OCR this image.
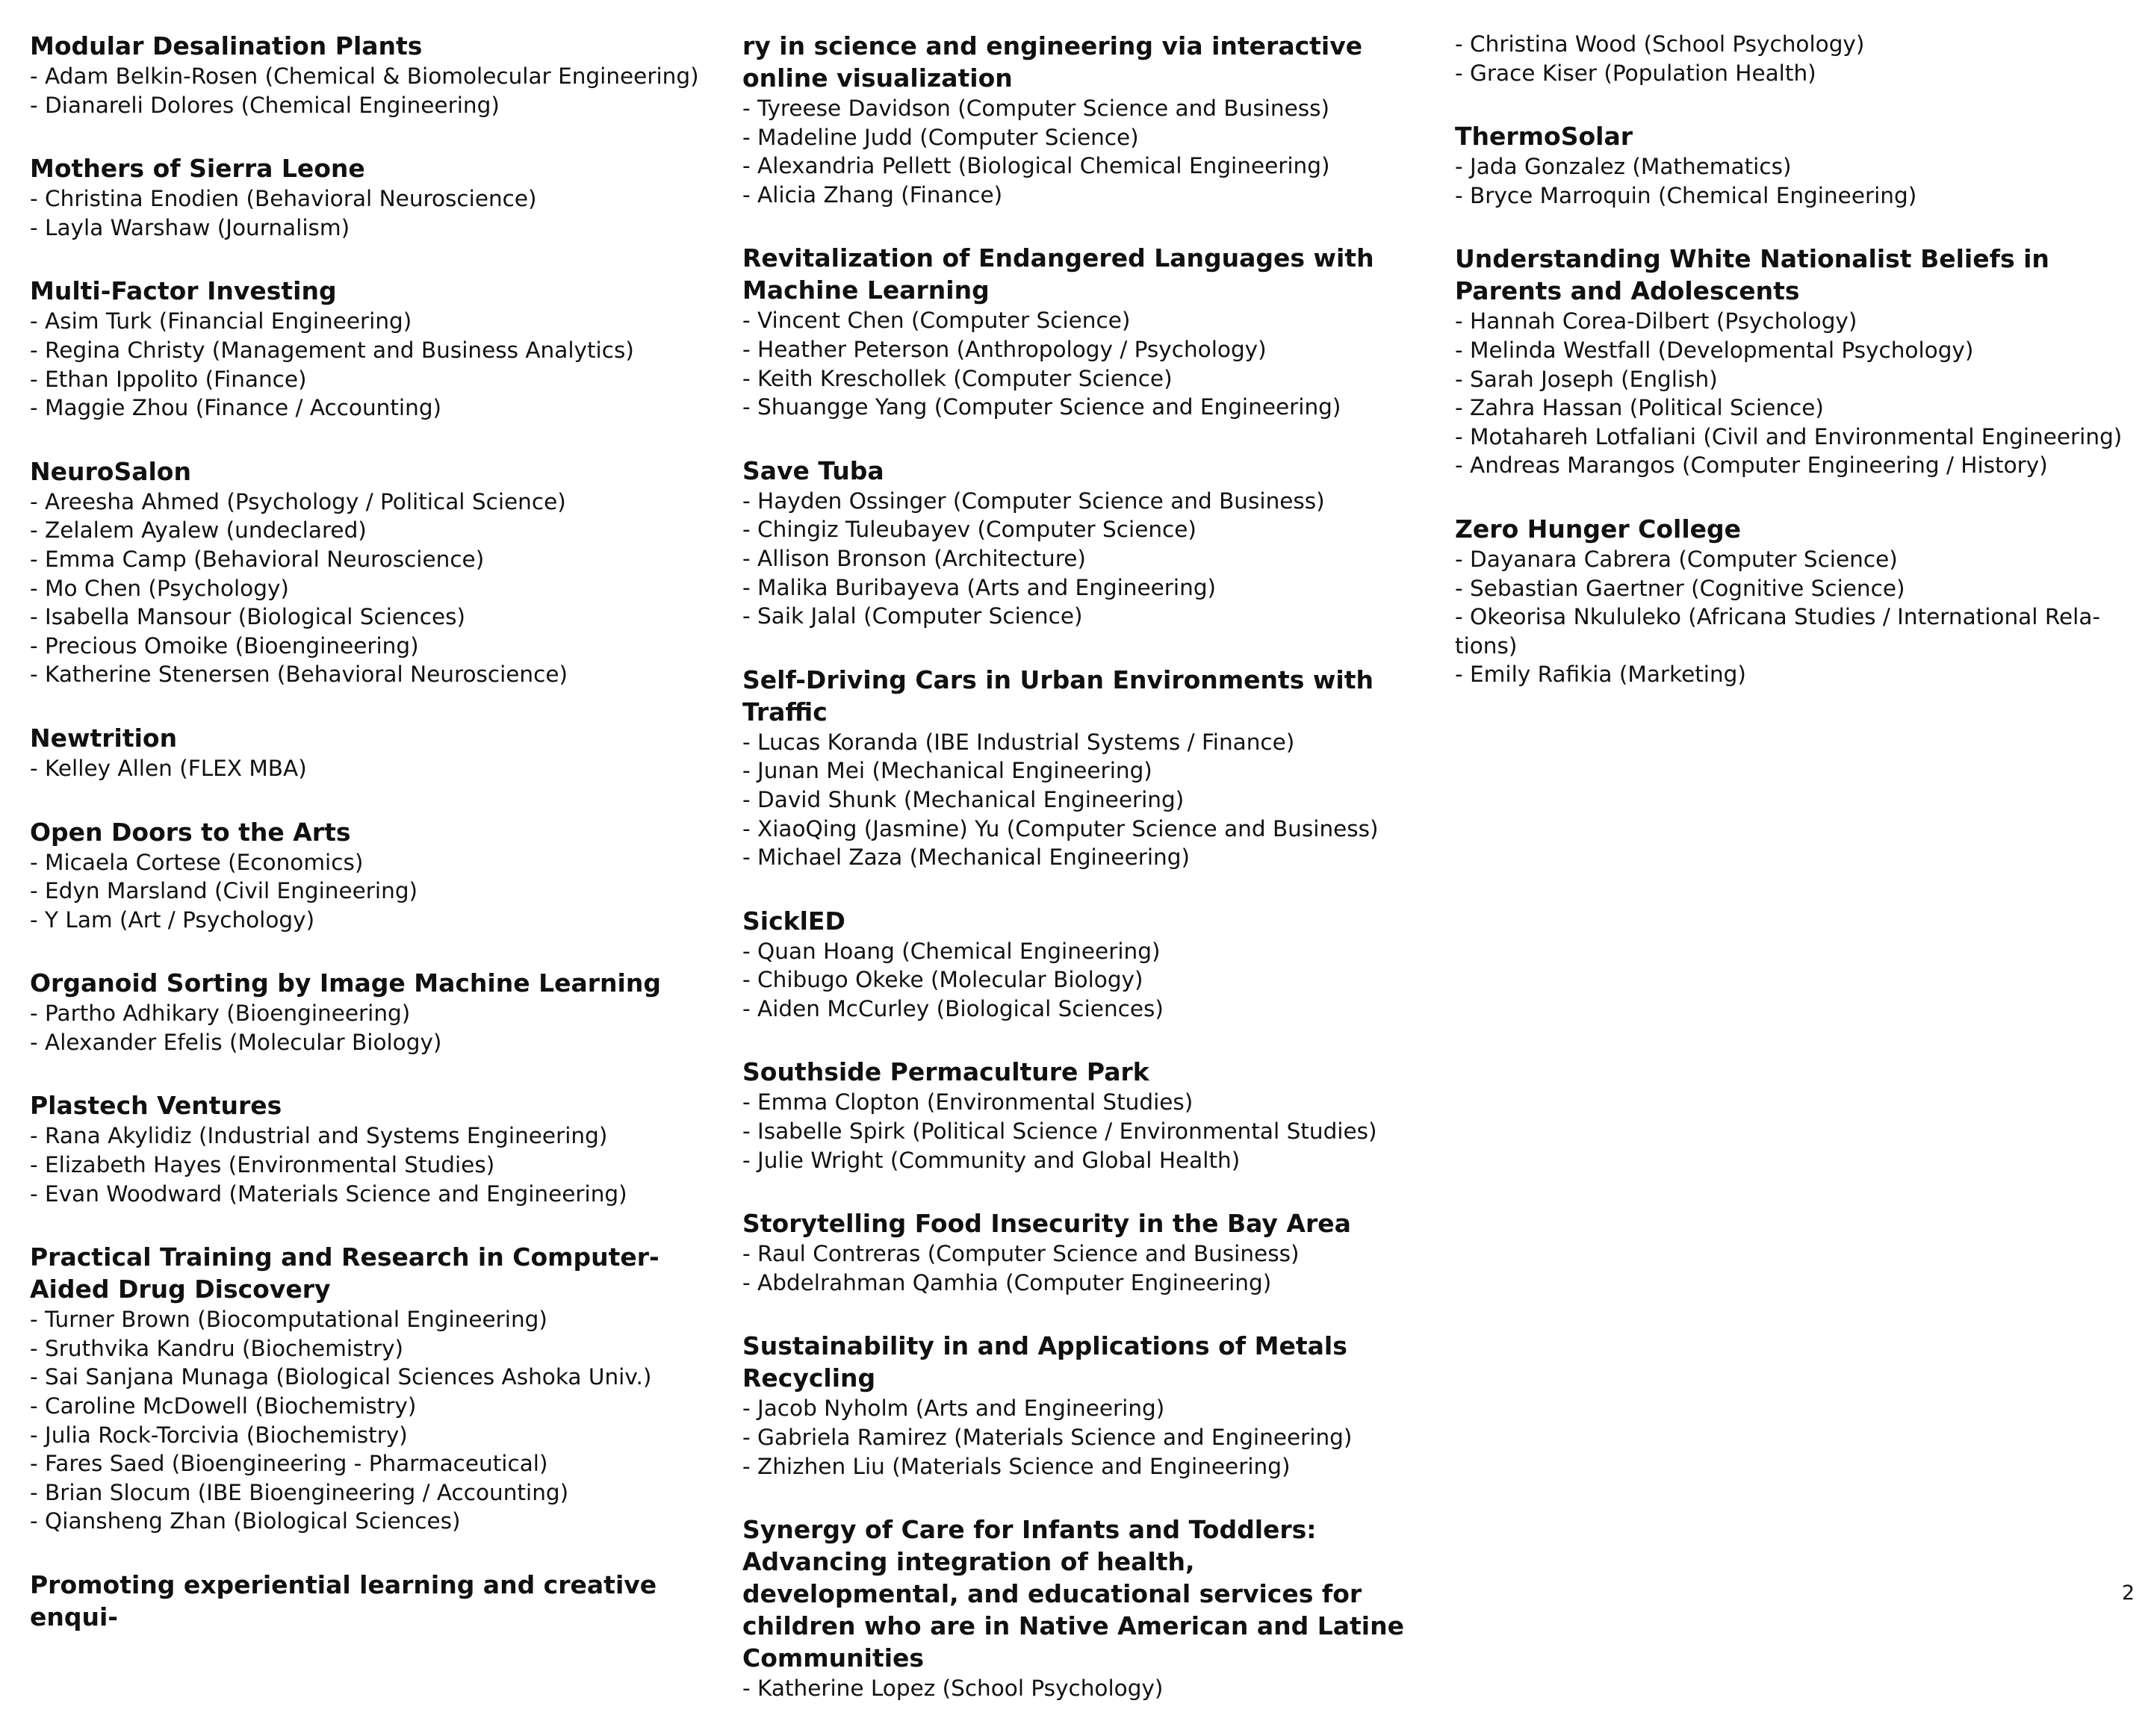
Modular Desalination Plants
- Adam Belkin-Rosen (Chemical & Biomolecular Engineering)
- Dianareli Dolores (Chemical Engineering)
Mothers of Sierra Leone
- Christina Enodien (Behavioral Neuroscience)
- Layla Warshaw (Journalism)
Multi-Factor Investing
- Asim Turk (Financial Engineering)
- Regina Christy (Management and Business Analytics)
- Ethan Ippolito (Finance)
- Maggie Zhou (Finance / Accounting)
NeuroSalon
- Areesha Ahmed (Psychology / Political Science)
- Zelalem Ayalew (undeclared)
- Emma Camp (Behavioral Neuroscience)
- Mo Chen (Psychology)
- Isabella Mansour (Biological Sciences)
- Precious Omoike (Bioengineering)
- Katherine Stenersen (Behavioral Neuroscience)
Newtrition
- Kelley Allen (FLEX MBA)
Open Doors to the Arts
- Micaela Cortese (Economics)
- Edyn Marsland (Civil Engineering)
- Y Lam (Art / Psychology)
Organoid Sorting by Image Machine Learning
- Partho Adhikary (Bioengineering)
- Alexander Efelis (Molecular Biology)
Plastech Ventures
- Rana Akylidiz (Industrial and Systems Engineering)
- Elizabeth Hayes (Environmental Studies)
- Evan Woodward (Materials Science and Engineering)
Practical Training and Research in Computer-Aided Drug Discovery
- Turner Brown (Biocomputational Engineering)
- Sruthvika Kandru (Biochemistry)
- Sai Sanjana Munaga (Biological Sciences Ashoka Univ.)
- Caroline McDowell (Biochemistry)
- Julia Rock-Torcivia (Biochemistry)
- Fares Saed (Bioengineering - Pharmaceutical)
- Brian Slocum (IBE Bioengineering / Accounting)
- Qiansheng Zhan (Biological Sciences)
Promoting experiential learning and creative enqui-
ry in science and engineering via interactive online visualization
- Tyreese Davidson (Computer Science and Business)
- Madeline Judd (Computer Science)
- Alexandria Pellett (Biological Chemical Engineering)
- Alicia Zhang (Finance)
Revitalization of Endangered Languages with Machine Learning
- Vincent Chen (Computer Science)
- Heather Peterson (Anthropology / Psychology)
- Keith Kreschollek (Computer Science)
- Shuangge Yang (Computer Science and Engineering)
Save Tuba
- Hayden Ossinger (Computer Science and Business)
- Chingiz Tuleubayev (Computer Science)
- Allison Bronson (Architecture)
- Malika Buribayeva (Arts and Engineering)
- Saik Jalal (Computer Science)
Self-Driving Cars in Urban Environments with Traffic
- Lucas Koranda (IBE Industrial Systems / Finance)
- Junan Mei (Mechanical Engineering)
- David Shunk (Mechanical Engineering)
- XiaoQing (Jasmine) Yu (Computer Science and Business)
- Michael Zaza (Mechanical Engineering)
SicklED
- Quan Hoang (Chemical Engineering)
- Chibugo Okeke (Molecular Biology)
- Aiden McCurley (Biological Sciences)
Southside Permaculture Park
- Emma Clopton (Environmental Studies)
- Isabelle Spirk (Political Science / Environmental Studies)
- Julie Wright (Community and Global Health)
Storytelling Food Insecurity in the Bay Area
- Raul Contreras (Computer Science and Business)
- Abdelrahman Qamhia (Computer Engineering)
Sustainability in and Applications of Metals Recycling
- Jacob Nyholm (Arts and Engineering)
- Gabriela Ramirez (Materials Science and Engineering)
- Zhizhen Liu (Materials Science and Engineering)
Synergy of Care for Infants and Toddlers: Advancing integration of health, developmental, and educational services for children who are in Native American and Latine Communities
- Katherine Lopez (School Psychology)
- Christina Wood (School Psychology)
- Grace Kiser (Population Health)
ThermoSolar
- Jada Gonzalez (Mathematics)
- Bryce Marroquin (Chemical Engineering)
Understanding White Nationalist Beliefs in Parents and Adolescents
- Hannah Corea-Dilbert (Psychology)
- Melinda Westfall (Developmental Psychology)
- Sarah Joseph (English)
- Zahra Hassan (Political Science)
- Motahareh Lotfaliani (Civil and Environmental Engineering)
- Andreas Marangos (Computer Engineering / History)
Zero Hunger College
- Dayanara Cabrera (Computer Science)
- Sebastian Gaertner (Cognitive Science)
- Okeorisa Nkululeko (Africana Studies / International Rela-tions)
- Emily Rafikia (Marketing)
2
